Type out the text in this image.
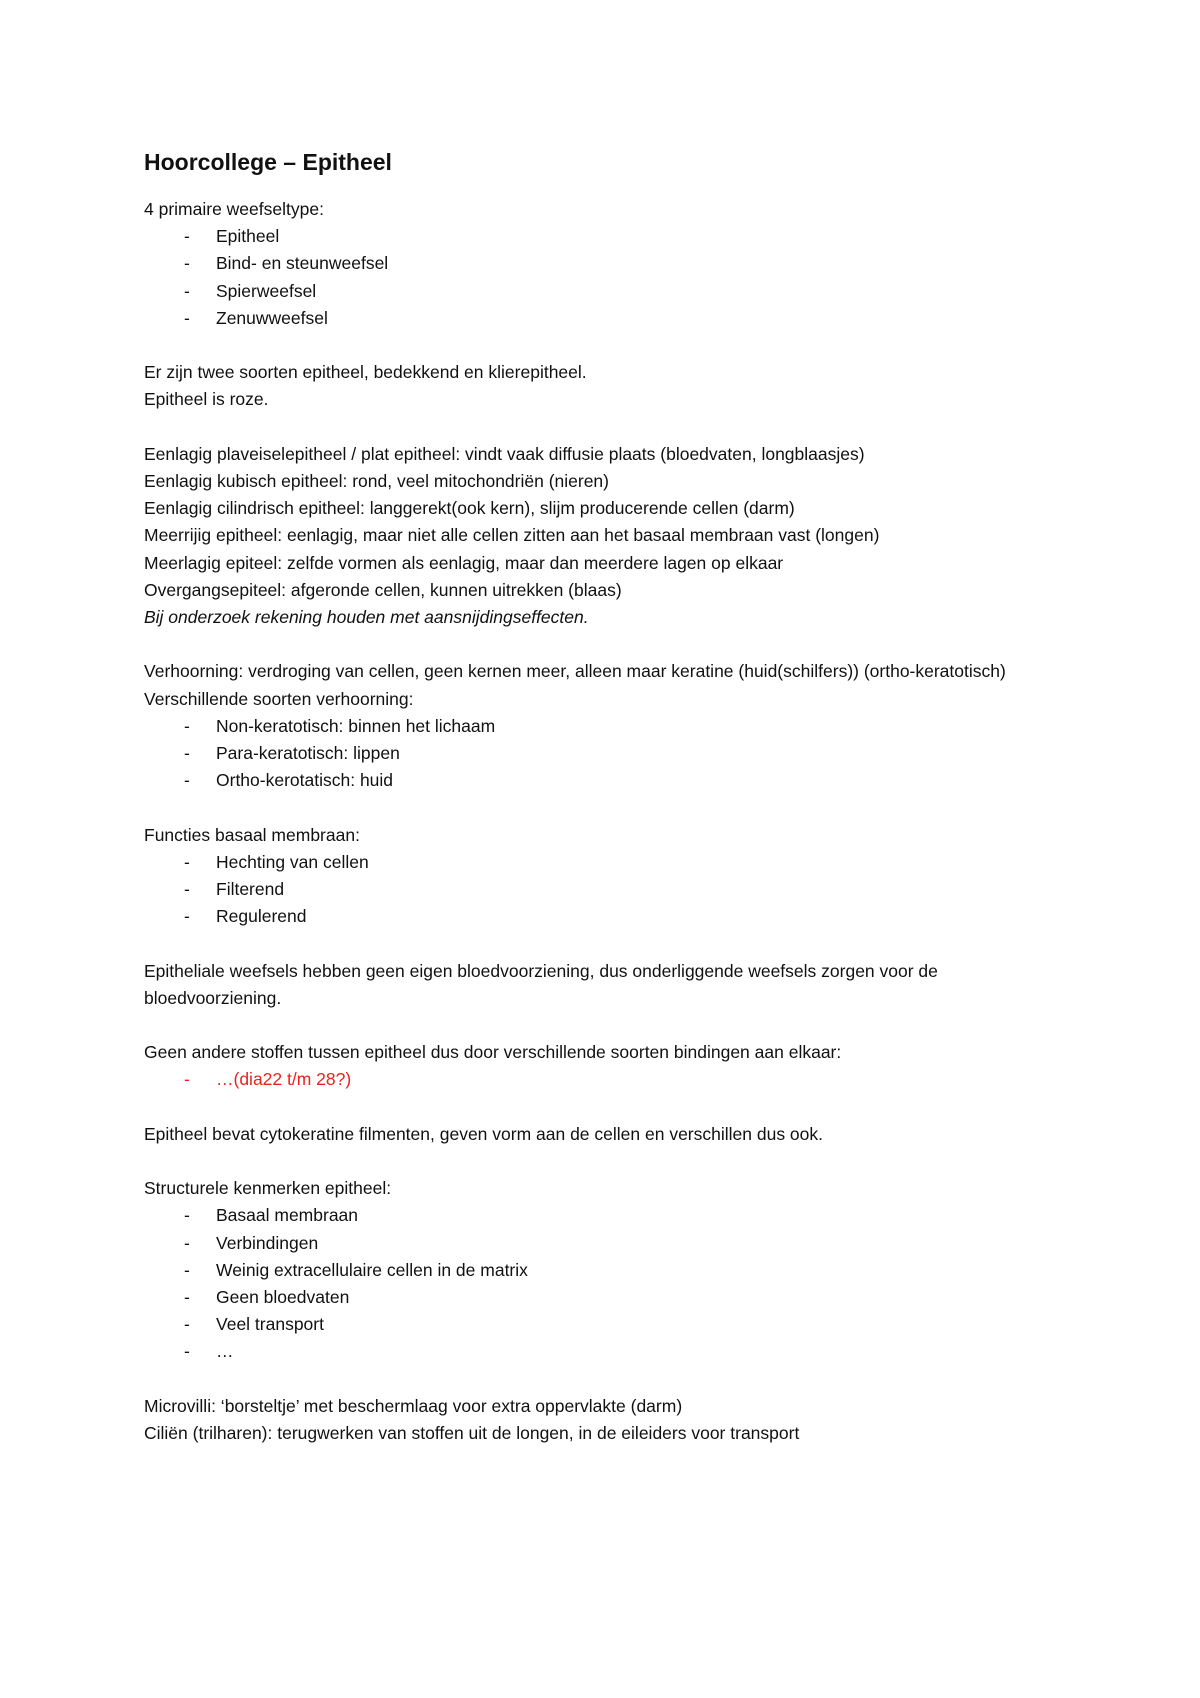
Hoorcollege – Epitheel

4 primaire weefseltype:

- Epitheel
- Bind- en steunweefsel
- Spierweefsel
- Zenuwweefsel

Er zijn twee soorten epitheel, bedekkend en klierepitheel.

Epitheel is roze.

Eenlagig plaveiselepitheel / plat epitheel: vindt vaak diffusie plaats (bloedvaten, longblaasjes)

Eenlagig kubisch epitheel: rond, veel mitochondriën (nieren)

Eenlagig cilindrisch epitheel: langgerekt(ook kern), slijm producerende cellen (darm)

Meerrijig epitheel: eenlagig, maar niet alle cellen zitten aan het basaal membraan vast (longen)

Meerlagig epiteel: zelfde vormen als eenlagig, maar dan meerdere lagen op elkaar

Overgangsepiteel: afgeronde cellen, kunnen uitrekken (blaas)

Bij onderzoek rekening houden met aansnijdingseffecten.

Verhoorning: verdroging van cellen, geen kernen meer, alleen maar keratine (huid(schilfers)) (ortho-keratotisch)

Verschillende soorten verhoorning:

- Non-keratotisch: binnen het lichaam
- Para-keratotisch: lippen
- Ortho-kerotatisch: huid

Functies basaal membraan:

- Hechting van cellen
- Filterend
- Regulerend

Epitheliale weefsels hebben geen eigen bloedvoorziening, dus onderliggende weefsels zorgen voor de bloedvoorziening.

Geen andere stoffen tussen epitheel dus door verschillende soorten bindingen aan elkaar:

- …(dia22 t/m 28?)

Epitheel bevat cytokeratine filmenten, geven vorm aan de cellen en verschillen dus ook.

Structurele kenmerken epitheel:

- Basaal membraan
- Verbindingen
- Weinig extracellulaire cellen in de matrix
- Geen bloedvaten
- Veel transport
- …

Microvilli: ‘borsteltje’ met beschermlaag voor extra oppervlakte (darm)

Ciliën (trilharen): terugwerken van stoffen uit de longen, in de eileiders voor transport
